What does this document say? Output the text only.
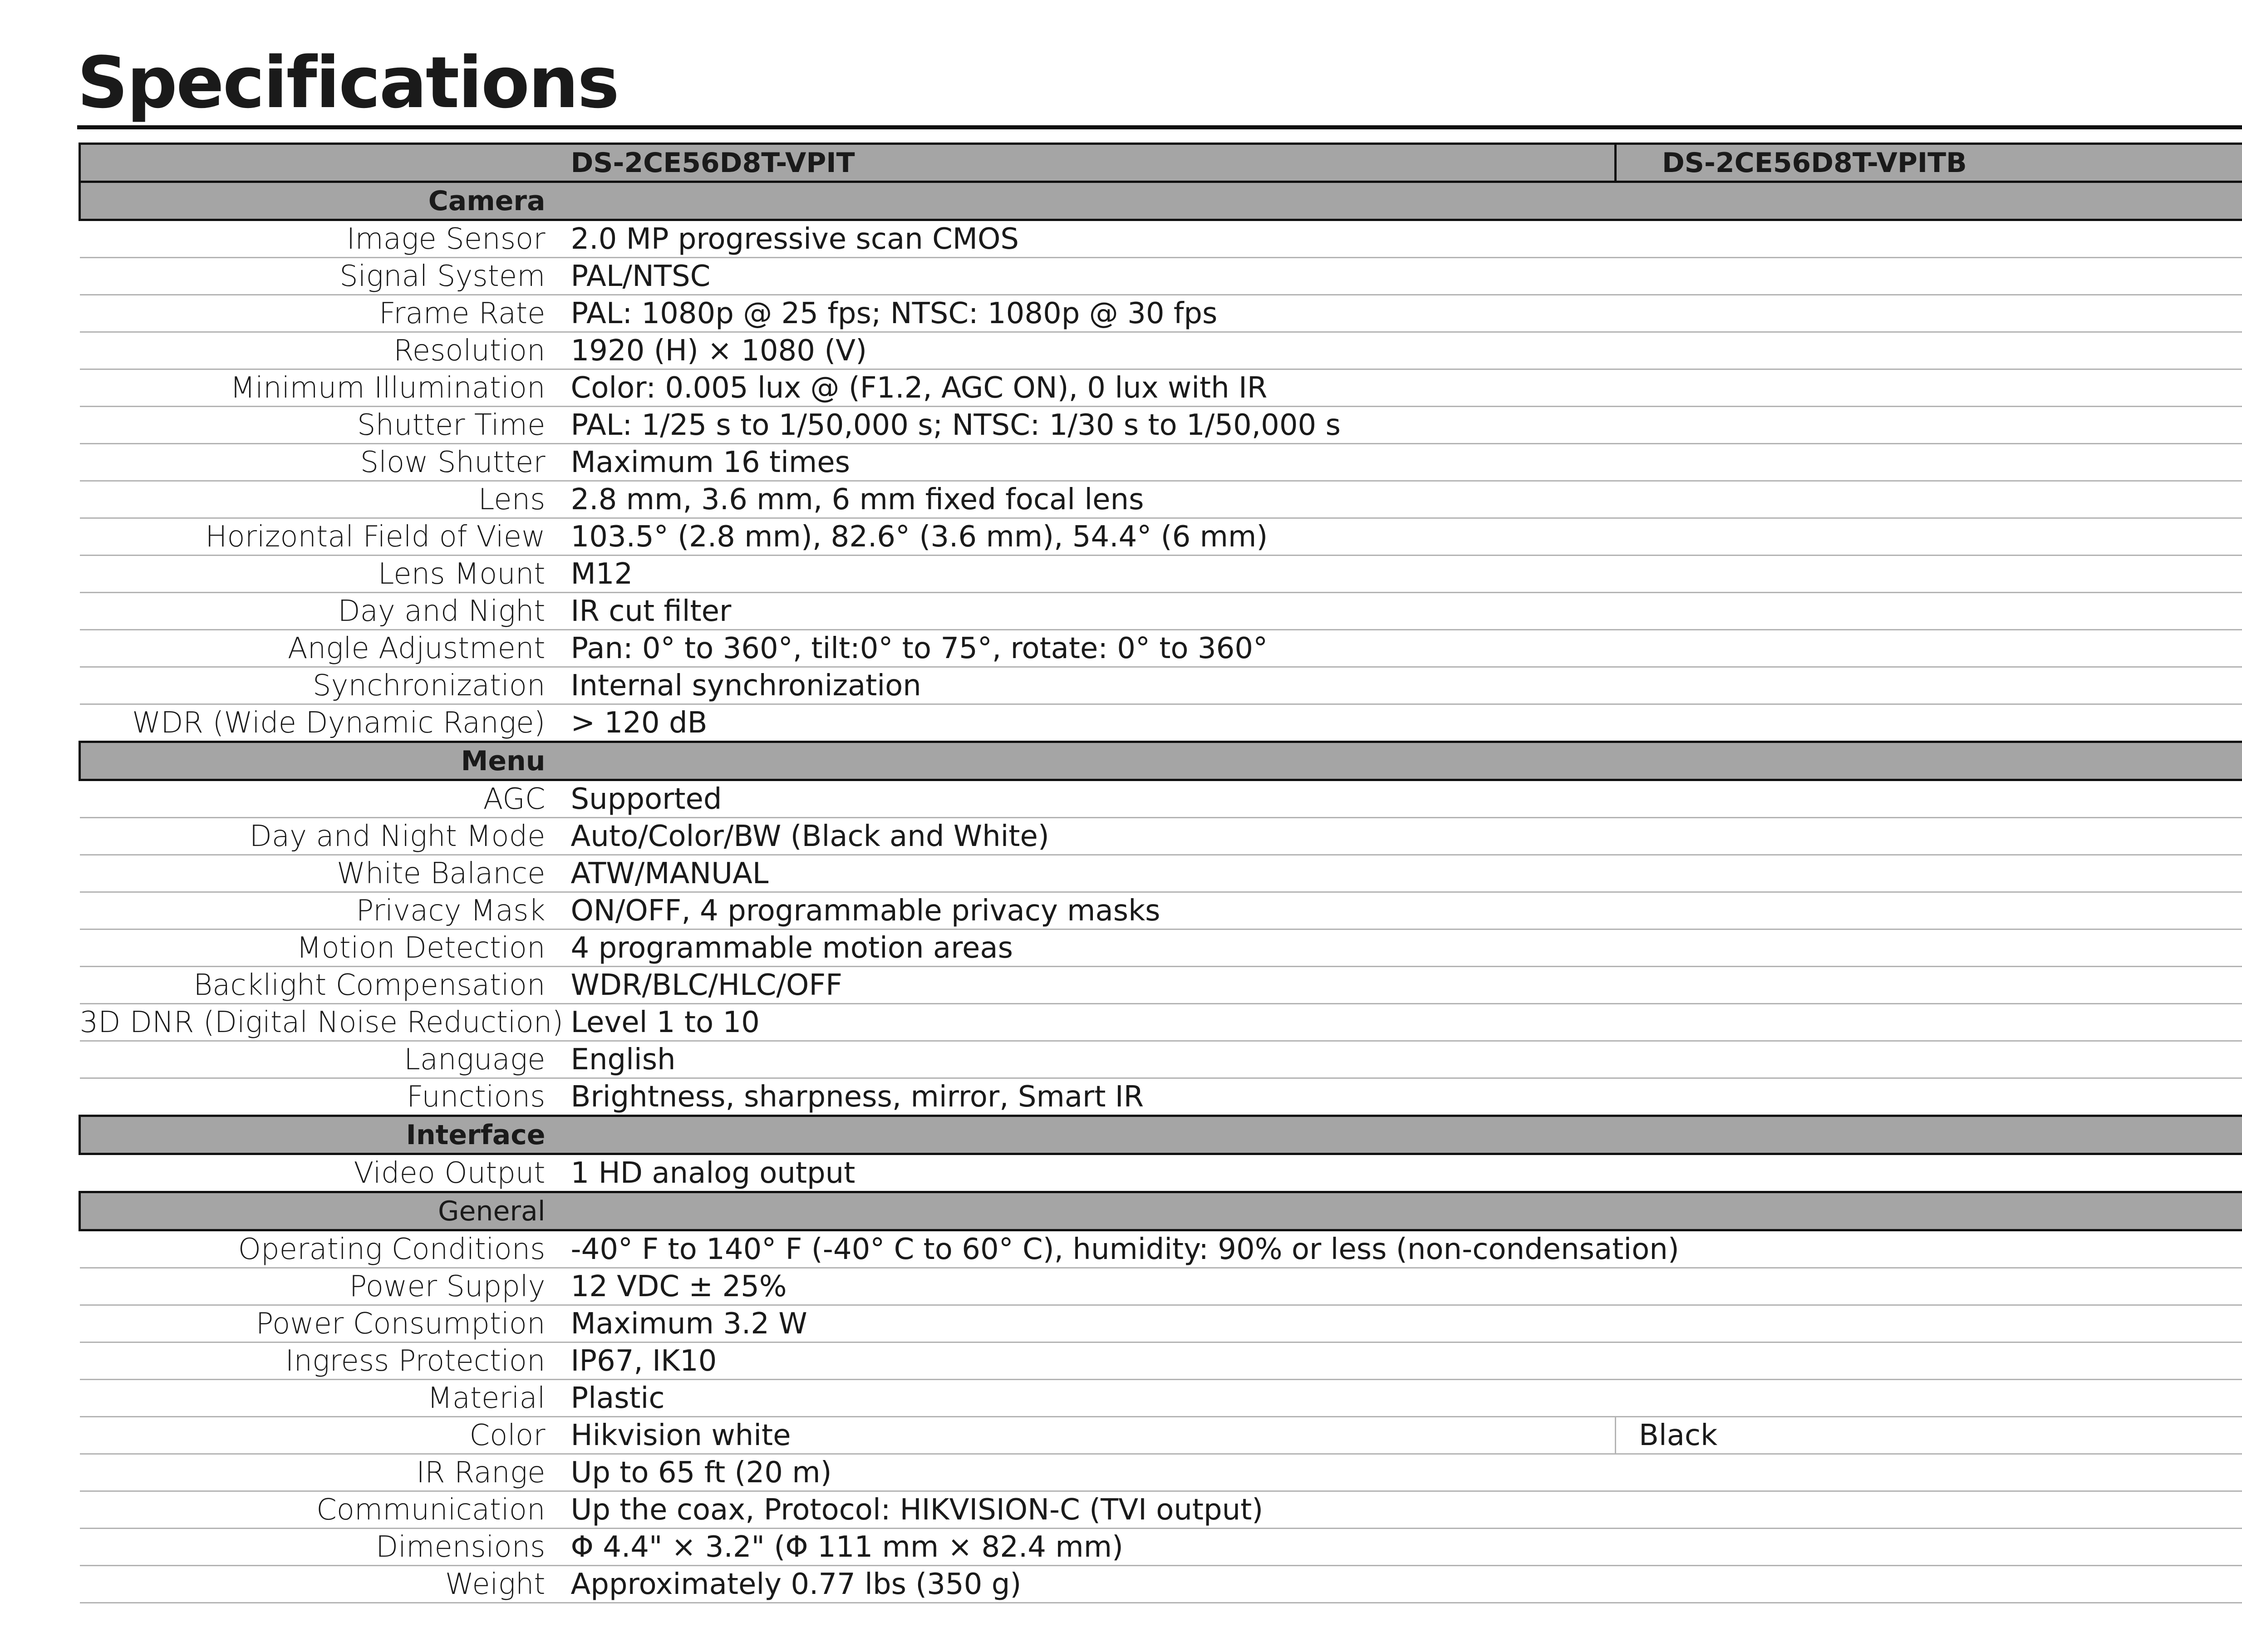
Specifications
	DS-2CE56D8T-VPIT	DS-2CE56D8T-VPITB
Camera		
Image Sensor	2.0 MP progressive scan CMOS	
Signal System	PAL/NTSC	
Frame Rate	PAL: 1080p @ 25 fps; NTSC: 1080p @ 30 fps	
Resolution	1920 (H) × 1080 (V)	
Minimum Illumination	Color: 0.005 lux @ (F1.2, AGC ON), 0 lux with IR	
Shutter Time	PAL: 1/25 s to 1/50,000 s; NTSC: 1/30 s to 1/50,000 s	
Slow Shutter	Maximum 16 times	
Lens	2.8 mm, 3.6 mm, 6 mm fixed focal lens	
Horizontal Field of View	103.5° (2.8 mm), 82.6° (3.6 mm), 54.4° (6 mm)	
Lens Mount	M12	
Day and Night	IR cut filter	
Angle Adjustment	Pan: 0° to 360°, tilt:0° to 75°, rotate: 0° to 360°	
Synchronization	Internal synchronization	
WDR (Wide Dynamic Range)	> 120 dB	
Menu		
AGC	Supported	
Day and Night Mode	Auto/Color/BW (Black and White)	
White Balance	ATW/MANUAL	
Privacy Mask	ON/OFF, 4 programmable privacy masks	
Motion Detection	4 programmable motion areas	
Backlight Compensation	WDR/BLC/HLC/OFF	
3D DNR (Digital Noise Reduction)	Level 1 to 10	
Language	English	
Functions	Brightness, sharpness, mirror, Smart IR	
Interface		
Video Output	1 HD analog output	
General		
Operating Conditions	-40° F to 140° F (-40° C to 60° C), humidity: 90% or less (non-condensation)	
Power Supply	12 VDC ± 25%	
Power Consumption	Maximum 3.2 W	
Ingress Protection	IP67, IK10	
Material	Plastic	
Color	Hikvision white	Black
IR Range	Up to 65 ft (20 m)	
Communication	Up the coax, Protocol: HIKVISION-C (TVI output)	
Dimensions	Φ 4.4" × 3.2" (Φ 111 mm × 82.4 mm)	
Weight	Approximately 0.77 lbs (350 g)	
